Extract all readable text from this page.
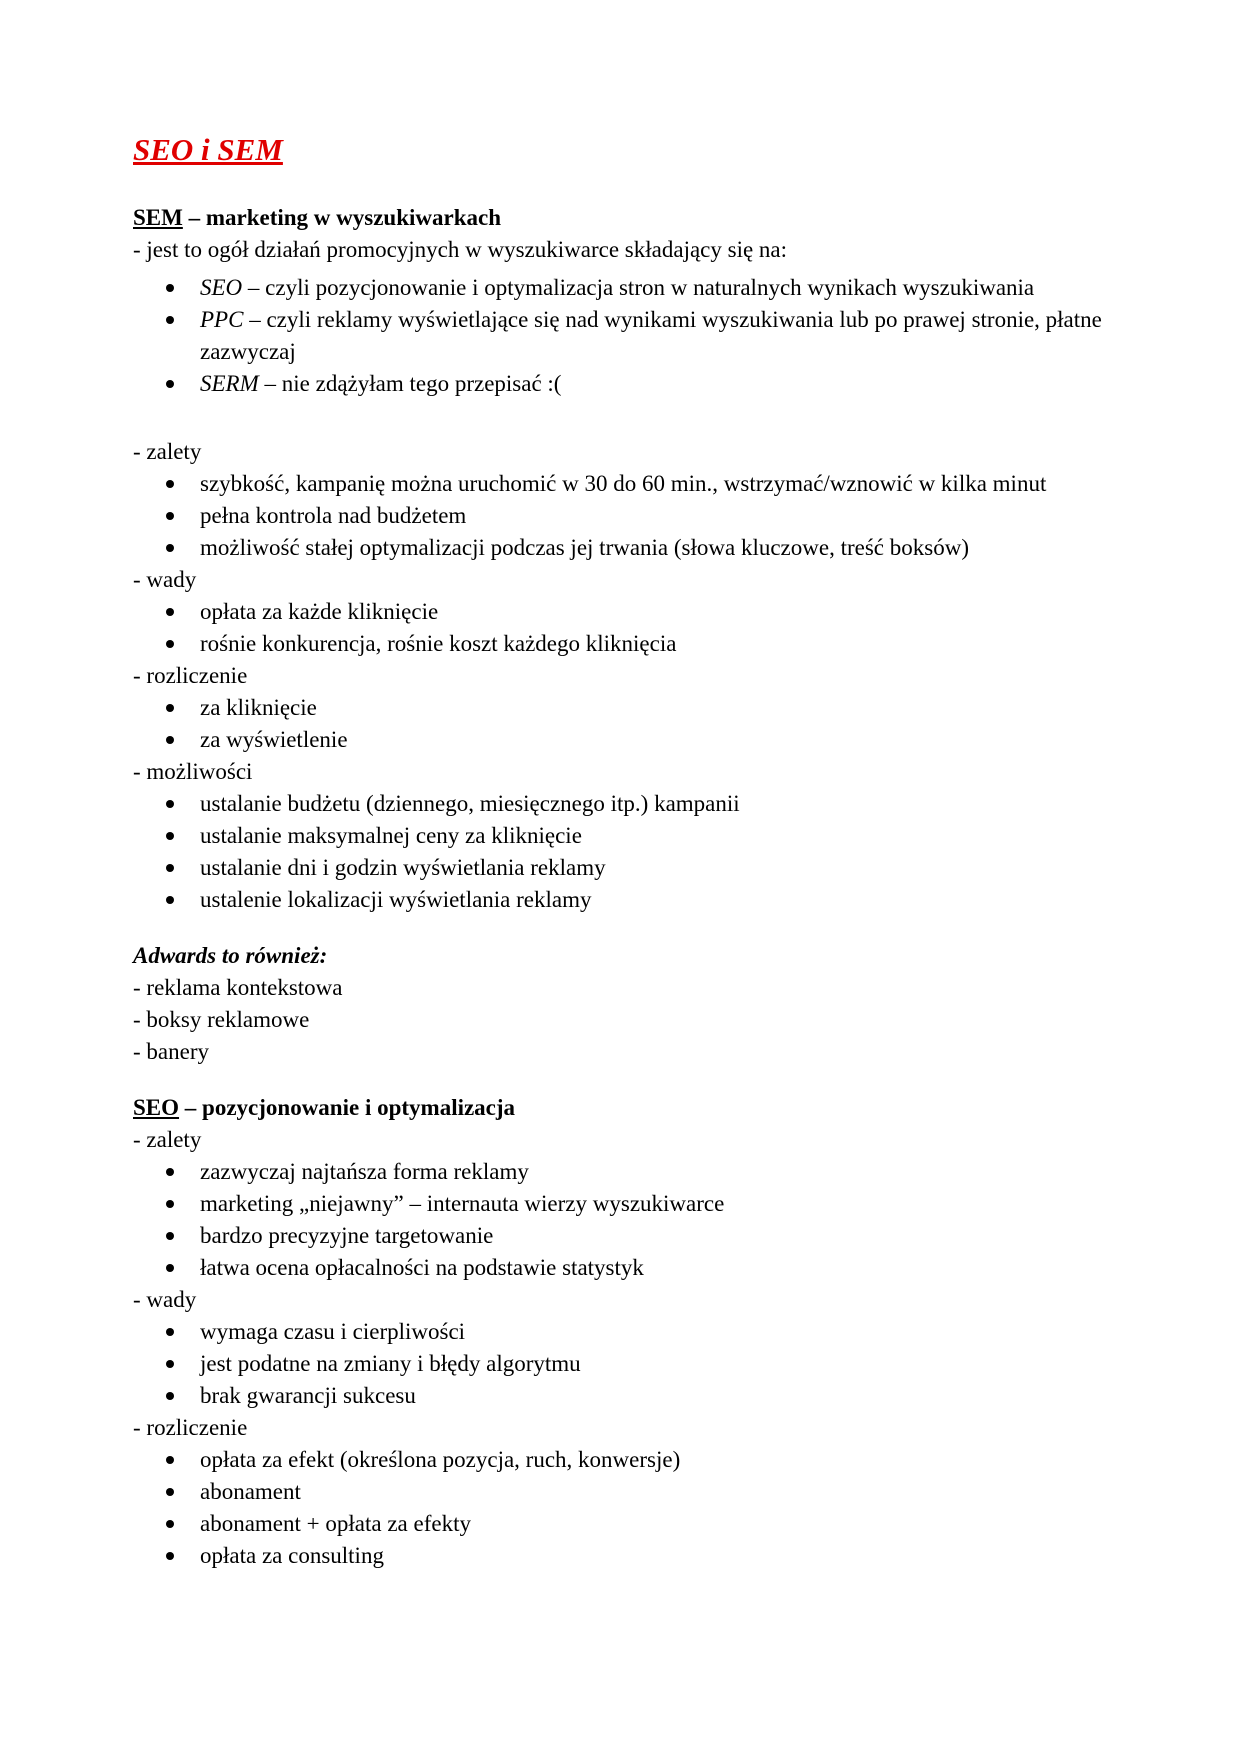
SEO i SEM

SEM – marketing w wyszukiwarkach

- jest to ogół działań promocyjnych w wyszukiwarce składający się na:

SEO – czyli pozycjonowanie i optymalizacja stron w naturalnych wynikach wyszukiwania
PPC – czyli reklamy wyświetlające się nad wynikami wyszukiwania lub po prawej stronie, płatne zazwyczaj
SERM – nie zdążyłam tego przepisać :(

- zalety

szybkość, kampanię można uruchomić w 30 do 60 min., wstrzymać/wznowić w kilka minut
pełna kontrola nad budżetem
możliwość stałej optymalizacji podczas jej trwania (słowa kluczowe, treść boksów)

- wady

opłata za każde kliknięcie
rośnie konkurencja, rośnie koszt każdego kliknięcia

- rozliczenie

za kliknięcie
za wyświetlenie

- możliwości

ustalanie budżetu (dziennego, miesięcznego itp.) kampanii
ustalanie maksymalnej ceny za kliknięcie
ustalanie dni i godzin wyświetlania reklamy
ustalenie lokalizacji wyświetlania reklamy

Adwards to również:

- reklama kontekstowa

- boksy reklamowe

- banery

SEO – pozycjonowanie i optymalizacja

- zalety

zazwyczaj najtańsza forma reklamy
marketing „niejawny” – internauta wierzy wyszukiwarce
bardzo precyzyjne targetowanie
łatwa ocena opłacalności na podstawie statystyk

- wady

wymaga czasu i cierpliwości
jest podatne na zmiany i błędy algorytmu
brak gwarancji sukcesu

- rozliczenie

opłata za efekt (określona pozycja, ruch, konwersje)
abonament
abonament + opłata za efekty
opłata za consulting
